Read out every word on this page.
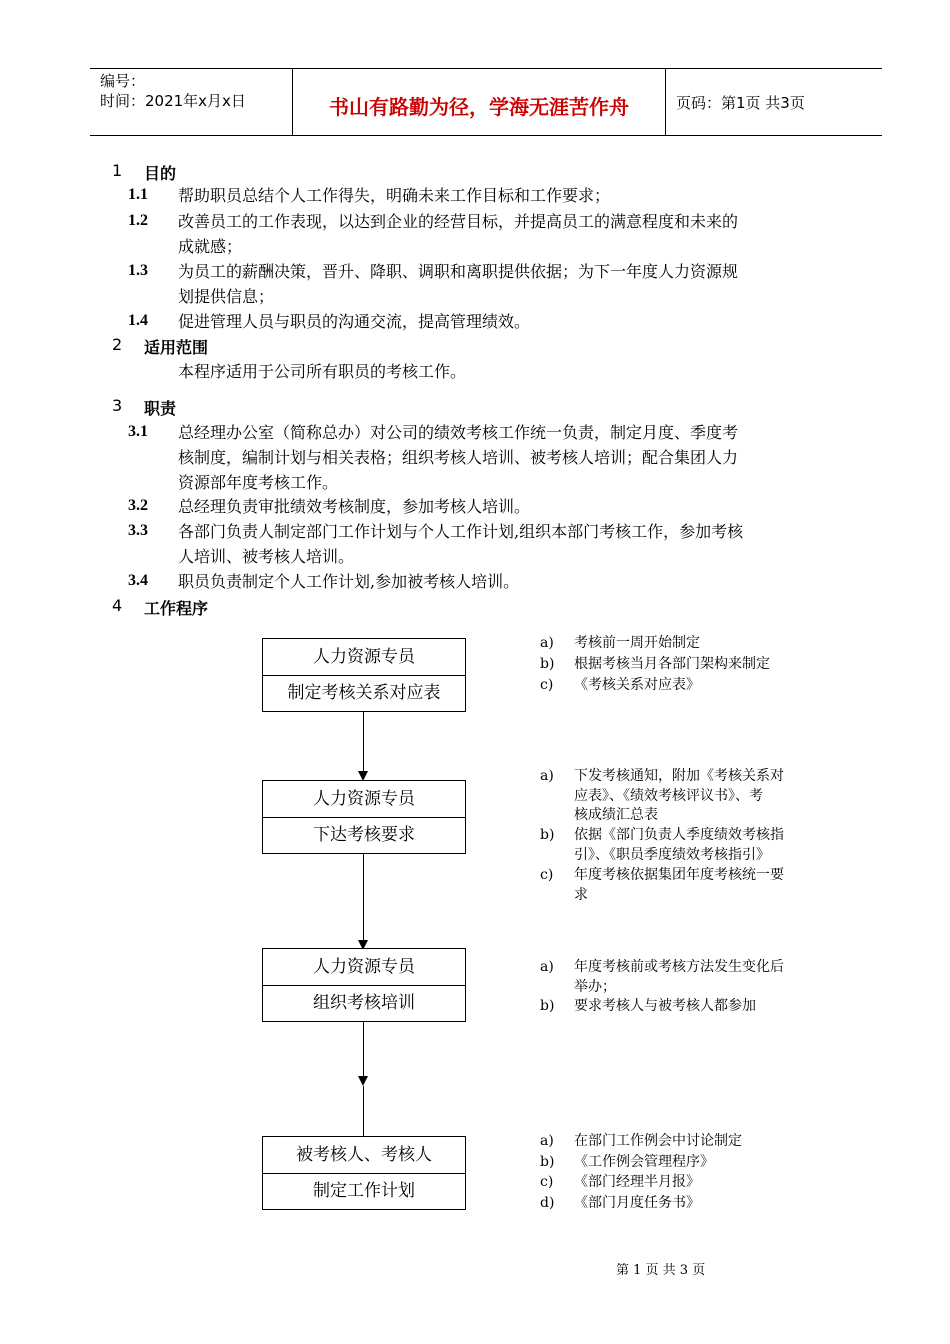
编号：
时间：2021年x月x日	书山有路勤为径，学海无涯苦作舟	页码：第1页 共3页
1 目的
1.1 帮助职员总结个人工作得失，明确未来工作目标和工作要求；
1.2 改善员工的工作表现，以达到企业的经营目标，并提高员工的满意程度和未来的
成就感；
1.3 为员工的薪酬决策，晋升、降职、调职和离职提供依据；为下一年度人力资源规
划提供信息；
1.4 促进管理人员与职员的沟通交流，提高管理绩效。
2 适用范围
本程序适用于公司所有职员的考核工作。
3 职责
3.1 总经理办公室（简称总办）对公司的绩效考核工作统一负责，制定月度、季度考
核制度，编制计划与相关表格；组织考核人培训、被考核人培训；配合集团人力
资源部年度考核工作。
3.2 总经理负责审批绩效考核制度，参加考核人培训。
3.3 各部门负责人制定部门工作计划与个人工作计划,组织本部门考核工作，参加考核
人培训、被考核人培训。
3.4 职员负责制定个人工作计划,参加被考核人培训。
4 工作程序
人力资源专员
制定考核关系对应表
a) 考核前一周开始制定
b) 根据考核当月各部门架构来制定
c) 《考核关系对应表》
人力资源专员
下达考核要求
a) 下发考核通知，附加《考核关系对
应表》、《绩效考核评议书》、考
核成绩汇总表
b) 依据《部门负责人季度绩效考核指
引》、《职员季度绩效考核指引》
c) 年度考核依据集团年度考核统一要
求
人力资源专员
组织考核培训
a) 年度考核前或考核方法发生变化后
举办；
b) 要求考核人与被考核人都参加
被考核人、考核人
制定工作计划
a) 在部门工作例会中讨论制定
b) 《工作例会管理程序》
c) 《部门经理半月报》
d) 《部门月度任务书》
第 1 页 共 3 页
